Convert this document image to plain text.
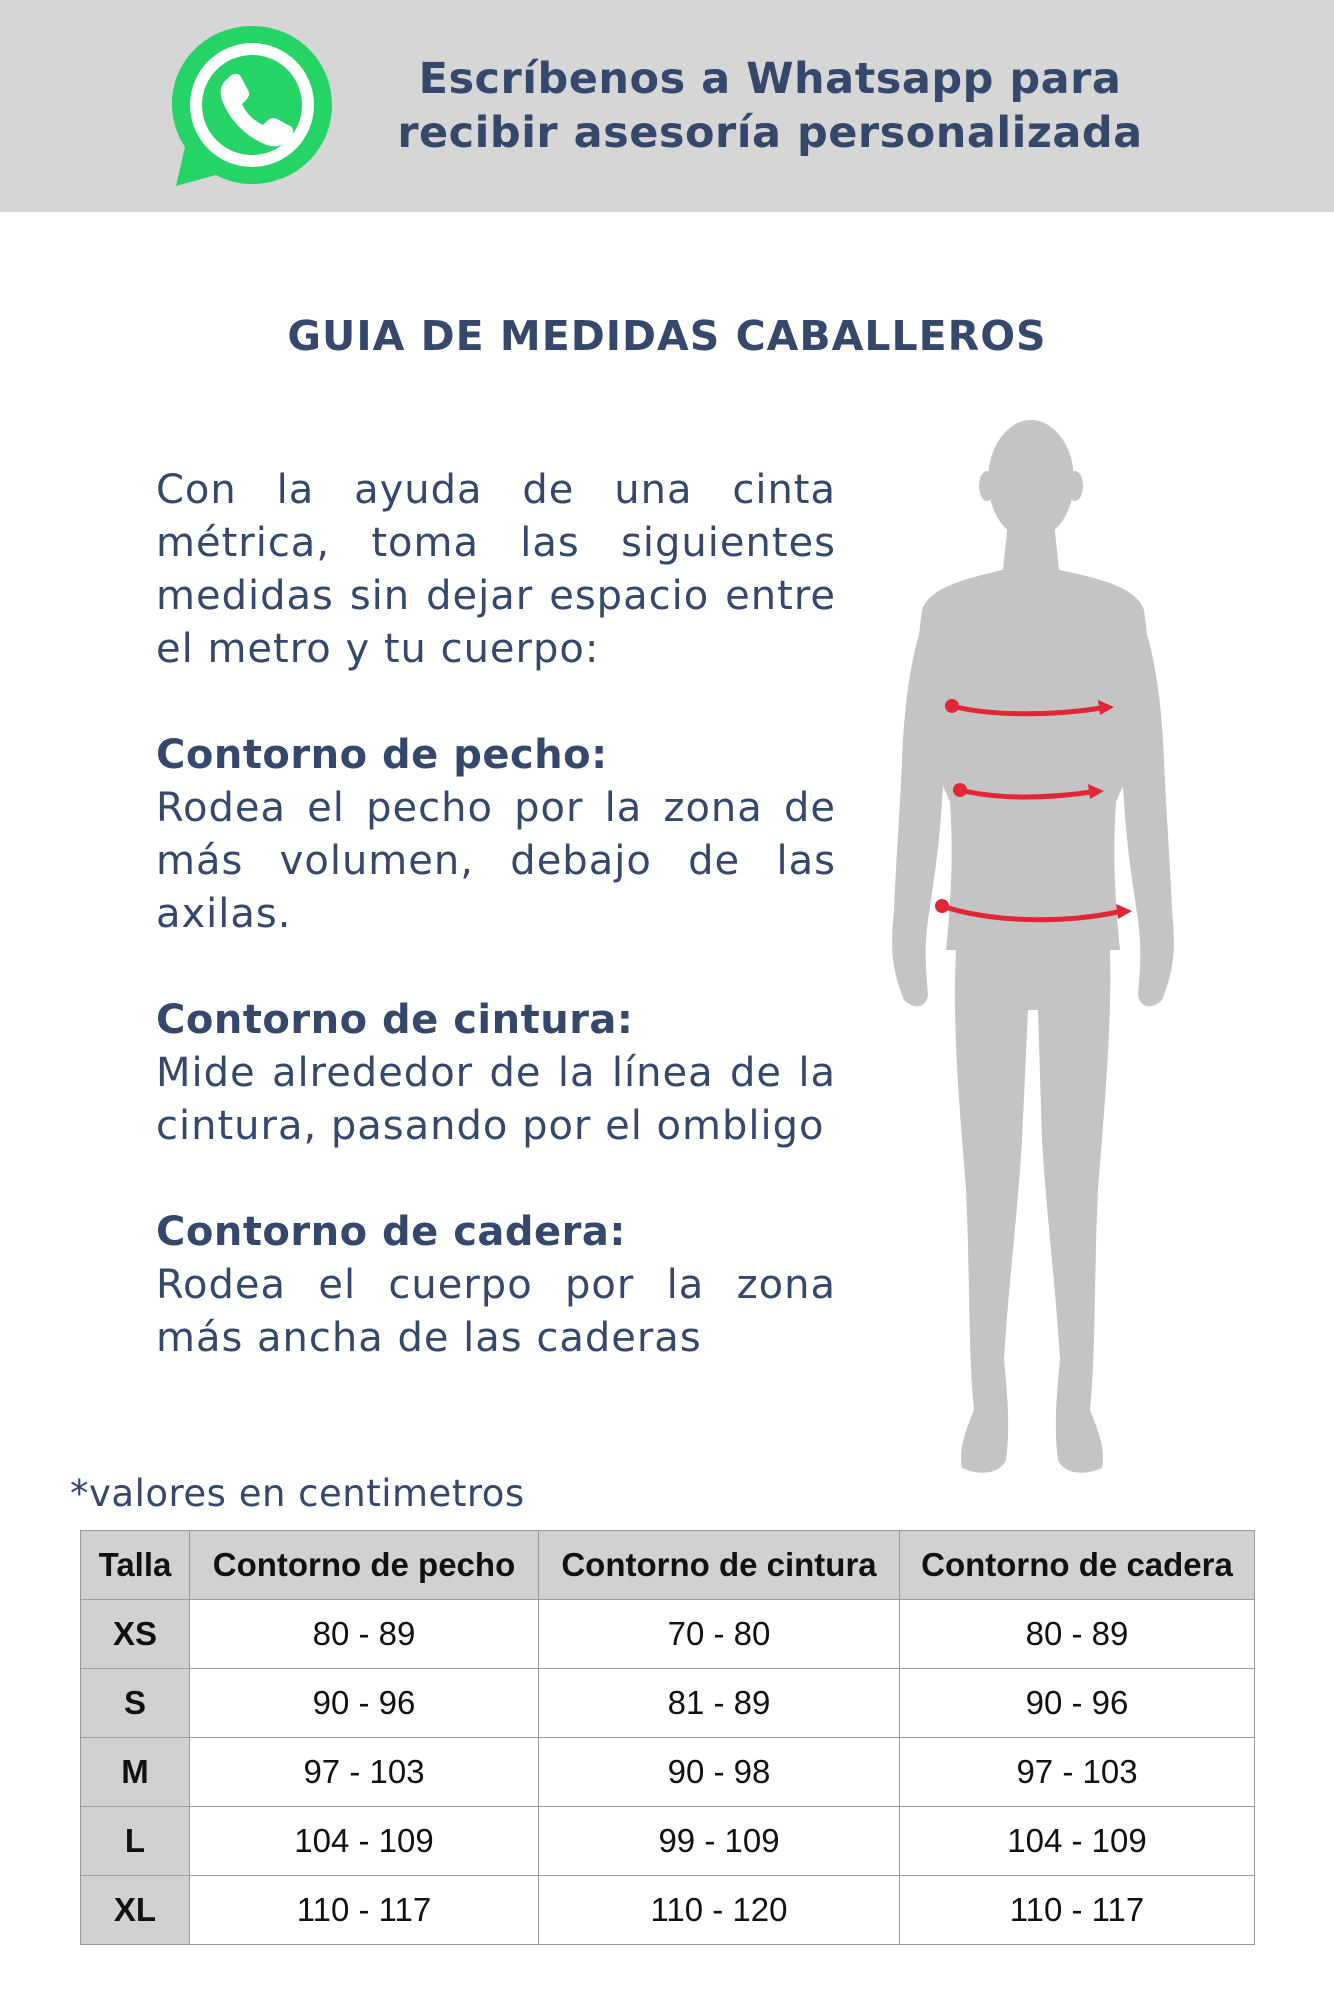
Escríbenos a Whatsapp para
recibir asesoría personalizada
GUIA DE MEDIDAS CABALLEROS

Con la ayuda de una cinta métrica, toma las siguientes medidas sin dejar espacio entre el metro y tu cuerpo:

Contorno de pecho:
Rodea el pecho por la zona de más volumen, debajo de las axilas.

Contorno de cintura:
Mide alrededor de la línea de la cintura, pasando por el ombligo

Contorno de cadera:
Rodea el cuerpo por la zona más ancha de las caderas

*valores en centimetros
Talla	Contorno de pecho	Contorno de cintura	Contorno de cadera
XS	80 - 89	70 - 80	80 - 89
S	90 - 96	81 - 89	90 - 96
M	97 - 103	90 - 98	97 - 103
L	104 - 109	99 - 109	104 - 109
XL	110 - 117	110 - 120	110 - 117
